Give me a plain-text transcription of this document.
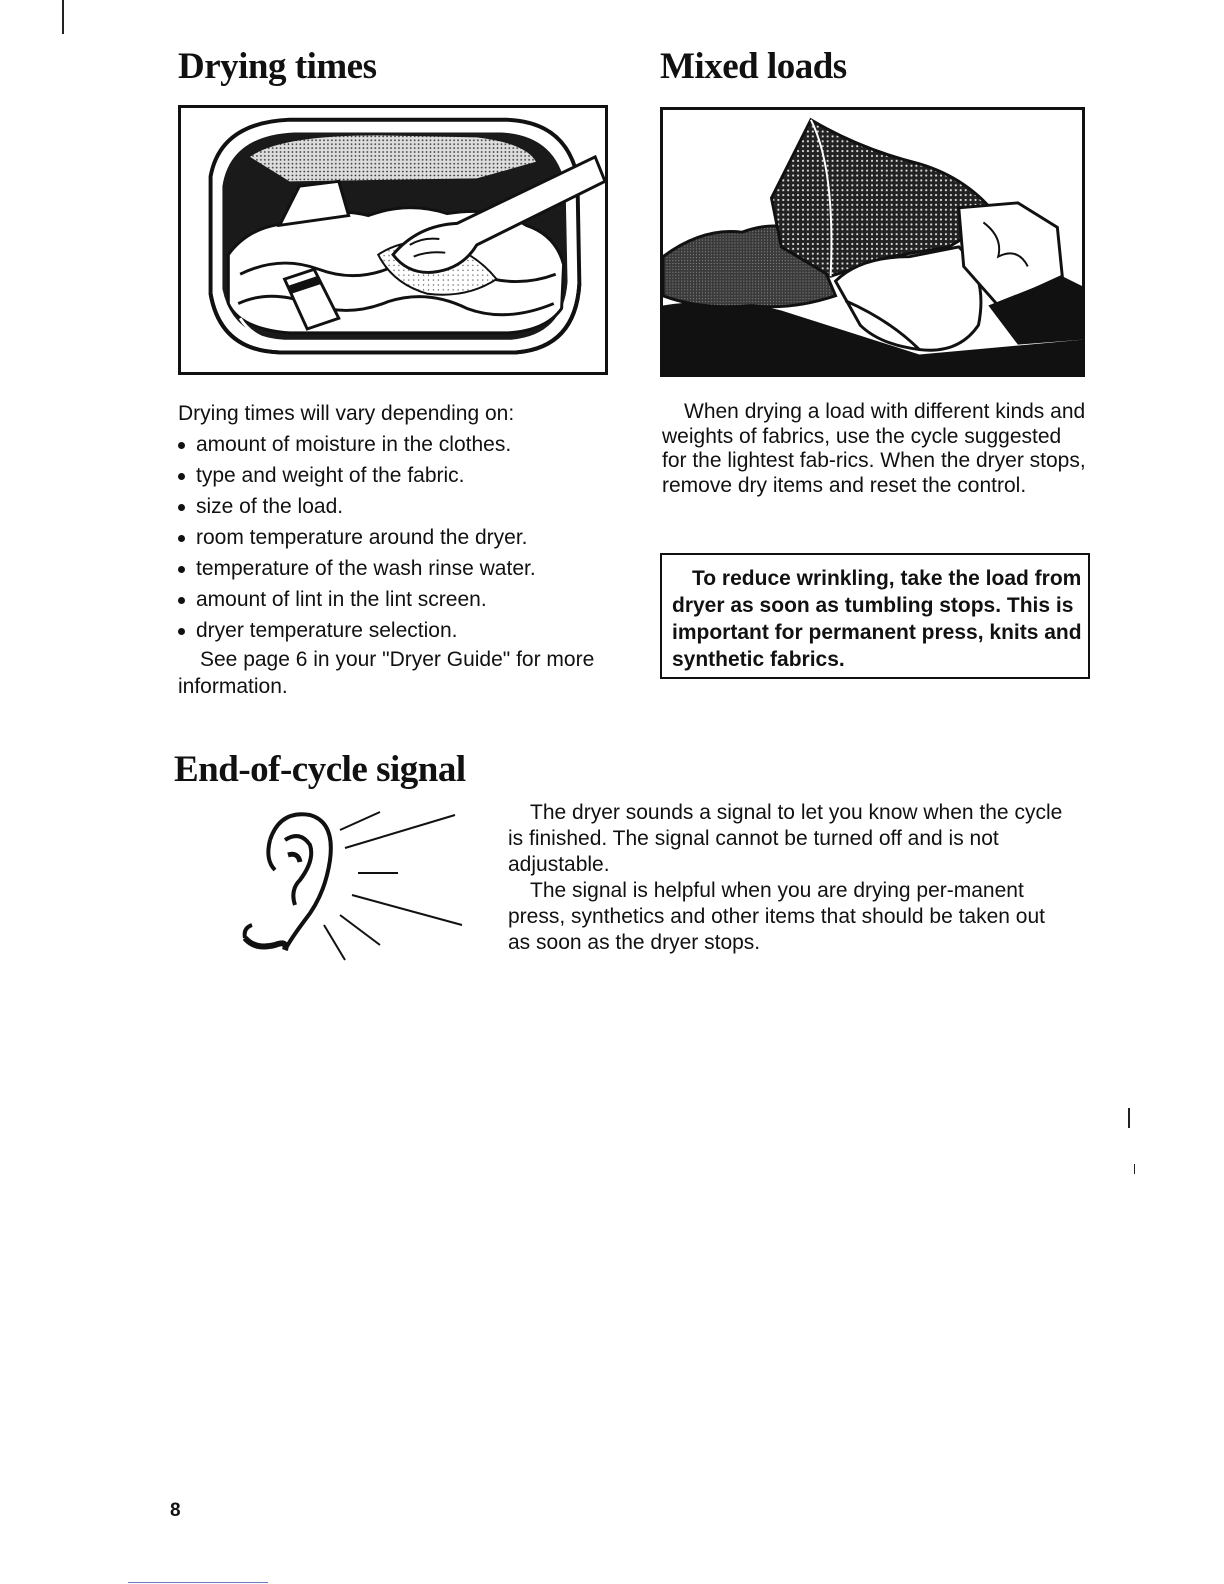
Drying times

Drying times will vary depending on:

amount of moisture in the clothes.
type and weight of the fabric.
size of the load.
room temperature around the dryer.
temperature of the wash rinse water.
amount of lint in the lint screen.
dryer temperature selection.

See page 6 in your "Dryer Guide" for more information.

Mixed loads

When drying a load with different kinds and weights of fabrics, use the cycle suggested for the lightest fab-rics. When the dryer stops, remove dry items and reset the control.

To reduce wrinkling, take the load from dryer as soon as tumbling stops. This is important for permanent press, knits and synthetic fabrics.

End-of-cycle signal

The dryer sounds a signal to let you know when the cycle is finished. The signal cannot be turned off and is not adjustable.

The signal is helpful when you are drying per-manent press, synthetics and other items that should be taken out as soon as the dryer stops.

8
